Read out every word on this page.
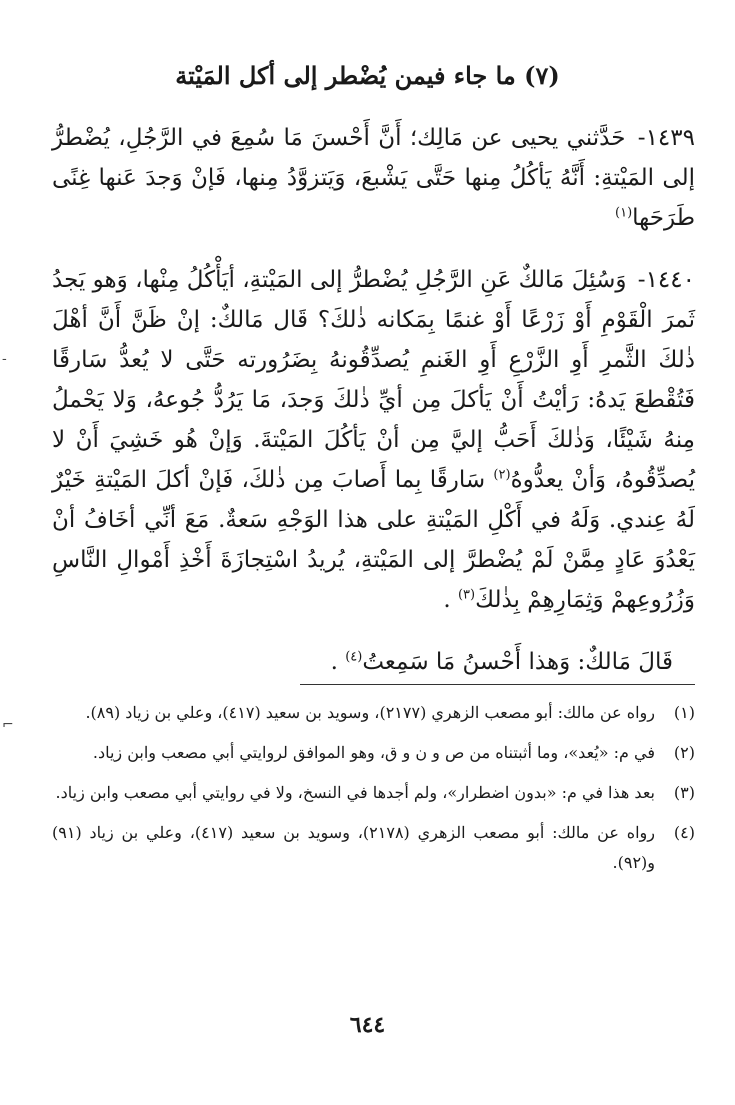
-
⌐
(٧) ما جاء فيمن يُضْطر إلى أكل المَيْتة

١٤٣٩- حَدَّثني يحيى عن مَالِك؛ أَنَّ أَحْسنَ مَا سُمِعَ في الرَّجُلِ، يُضْطرُّ إلى المَيْتةِ: أَنَّهُ يَأكُلُ مِنها حَتَّى يَشْبعَ، وَيَتزوَّدُ مِنها، فَإنْ وَجدَ عَنها غِنًى طَرَحَها$^{(١)}$

١٤٤٠- وَسُئِلَ مَالكٌ عَنِ الرَّجُلِ يُضْطرُّ إلى المَيْتةِ، أيَأْكُلُ مِنْها، وَهو يَجدُ ثَمرَ الْقَوْمِ أَوْ زَرْعًا أَوْ غنمًا بِمَكانه ذٰلكَ؟ قَال مَالكٌ: إنْ ظَنَّ أَنَّ أهْلَ ذٰلكَ الثَّمرِ أَوِ الزَّرْعِ أَوِ الغَنمِ يُصدِّقُونهُ بِضَرُورته حَتَّى لا يُعدُّ سَارقًا فَتُقْطعَ يَدهُ: رَأيْتُ أَنْ يَأكلَ مِن أيِّ ذٰلكَ وَجدَ، مَا يَرُدُّ جُوعهُ، وَلا يَحْملُ مِنهُ شَيْئًا، وَذٰلكَ أَحَبُّ إليَّ مِن أنْ يَأكُلَ المَيْتةَ. وَإنْ هُو خَشِيَ أَنْ لا يُصدِّقُوهُ، وَأنْ يعدُّوهُ$^{(٢)}$ سَارقًا بِما أَصابَ مِن ذٰلكَ، فَإنْ أكلَ المَيْتةِ خَيْرٌ لَهُ عِندي. وَلَهُ في أَكْلِ المَيْتةِ على هذا الوَجْهِ سَعةٌ. مَعَ أنِّي أخَافُ أنْ يَعْدُوَ عَادٍ مِمَّنْ لَمْ يُضْطرَّ إلى المَيْتةِ، يُريدُ اسْتِجازَةَ أَخْذِ أَمْوالِ النَّاسِ وَزُرُوعِهمْ وَثِمَارِهِمْ بِذٰلكَ$^{(٣)}$ .

قَالَ مَالكٌ: وَهذا أَحْسنُ مَا سَمِعتُ$^{(٤)}$ .

(١)
رواه عن مالك: أبو مصعب الزهري (٢١٧٧)، وسويد بن سعيد (٤١٧)، وعلي بن زياد (٨٩).
(٢)
في م: «يُعد»، وما أثبتناه من ص و ن و ق، وهو الموافق لروايتي أبي مصعب وابن زياد.
(٣)
بعد هذا في م: «بدون اضطرار»، ولم أجدها في النسخ، ولا في روايتي أبي مصعب وابن زياد.
(٤)
رواه عن مالك: أبو مصعب الزهري (٢١٧٨)، وسويد بن سعيد (٤١٧)، وعلي بن زياد (٩١) و(٩٢).
٦٤٤
